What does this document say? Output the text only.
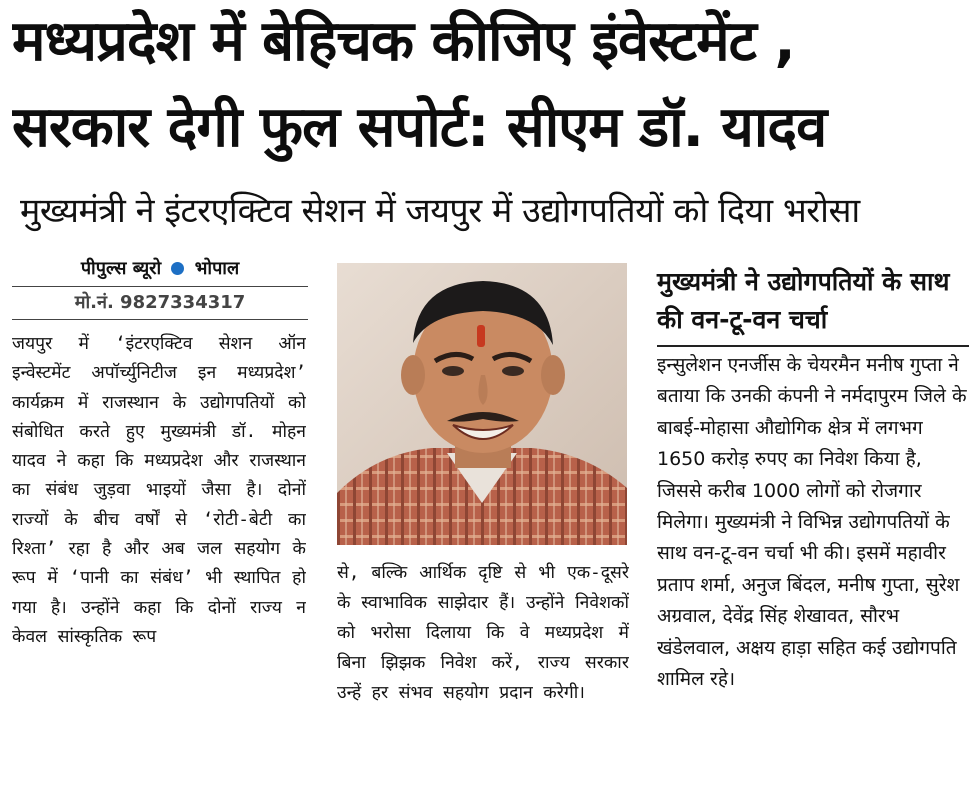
मध्यप्रदेश में बेहिचक कीजिए इंवेस्टमेंट ,
सरकार देगी फुल सपोर्ट: सीएम डॉ. यादव
मुख्यमंत्री ने इंटरएक्टिव सेशन में जयपुर में उद्योगपतियों को दिया भरोसा
पीपुल्स ब्यूरो भोपाल
मो.नं. 9827334317
जयपुर में ‘इंटरएक्टिव सेशन ऑन इन्वेस्टमेंट अपॉर्च्युनिटीज इन मध्यप्रदेश’ कार्यक्रम में राजस्थान के उद्योगपतियों को संबोधित करते हुए मुख्यमंत्री डॉ. मोहन यादव ने कहा कि मध्यप्रदेश और राजस्थान का संबंध जुड़वा भाइयों जैसा है। दोनों राज्यों के बीच वर्षों से ‘रोटी-बेटी का रिश्ता’ रहा है और अब जल सहयोग के रूप में ‘पानी का संबंध’ भी स्थापित हो गया है। उन्होंने कहा कि दोनों राज्य न केवल सांस्कृतिक रूप
से, बल्कि आर्थिक दृष्टि से भी एक-दूसरे के स्वाभाविक साझेदार हैं। उन्होंने निवेशकों को भरोसा दिलाया कि वे मध्यप्रदेश में बिना झिझक निवेश करें, राज्य सरकार उन्हें हर संभव सहयोग प्रदान करेगी।
मुख्यमंत्री ने उद्योगपतियों के साथ की वन-टू-वन चर्चा
इन्सुलेशन एनर्जीस के चेयरमैन मनीष गुप्ता ने बताया कि उनकी कंपनी ने नर्मदापुरम जिले के बाबई-मोहासा औद्योगिक क्षेत्र में लगभग 1650 करोड़ रुपए का निवेश किया है, जिससे करीब 1000 लोगों को रोजगार मिलेगा। मुख्यमंत्री ने विभिन्न उद्योगपतियों के साथ वन-टू-वन चर्चा भी की। इसमें महावीर प्रताप शर्मा, अनुज बिंदल, मनीष गुप्ता, सुरेश अग्रवाल, देवेंद्र सिंह शेखावत, सौरभ खंडेलवाल, अक्षय हाड़ा सहित कई उद्योगपति शामिल रहे।
